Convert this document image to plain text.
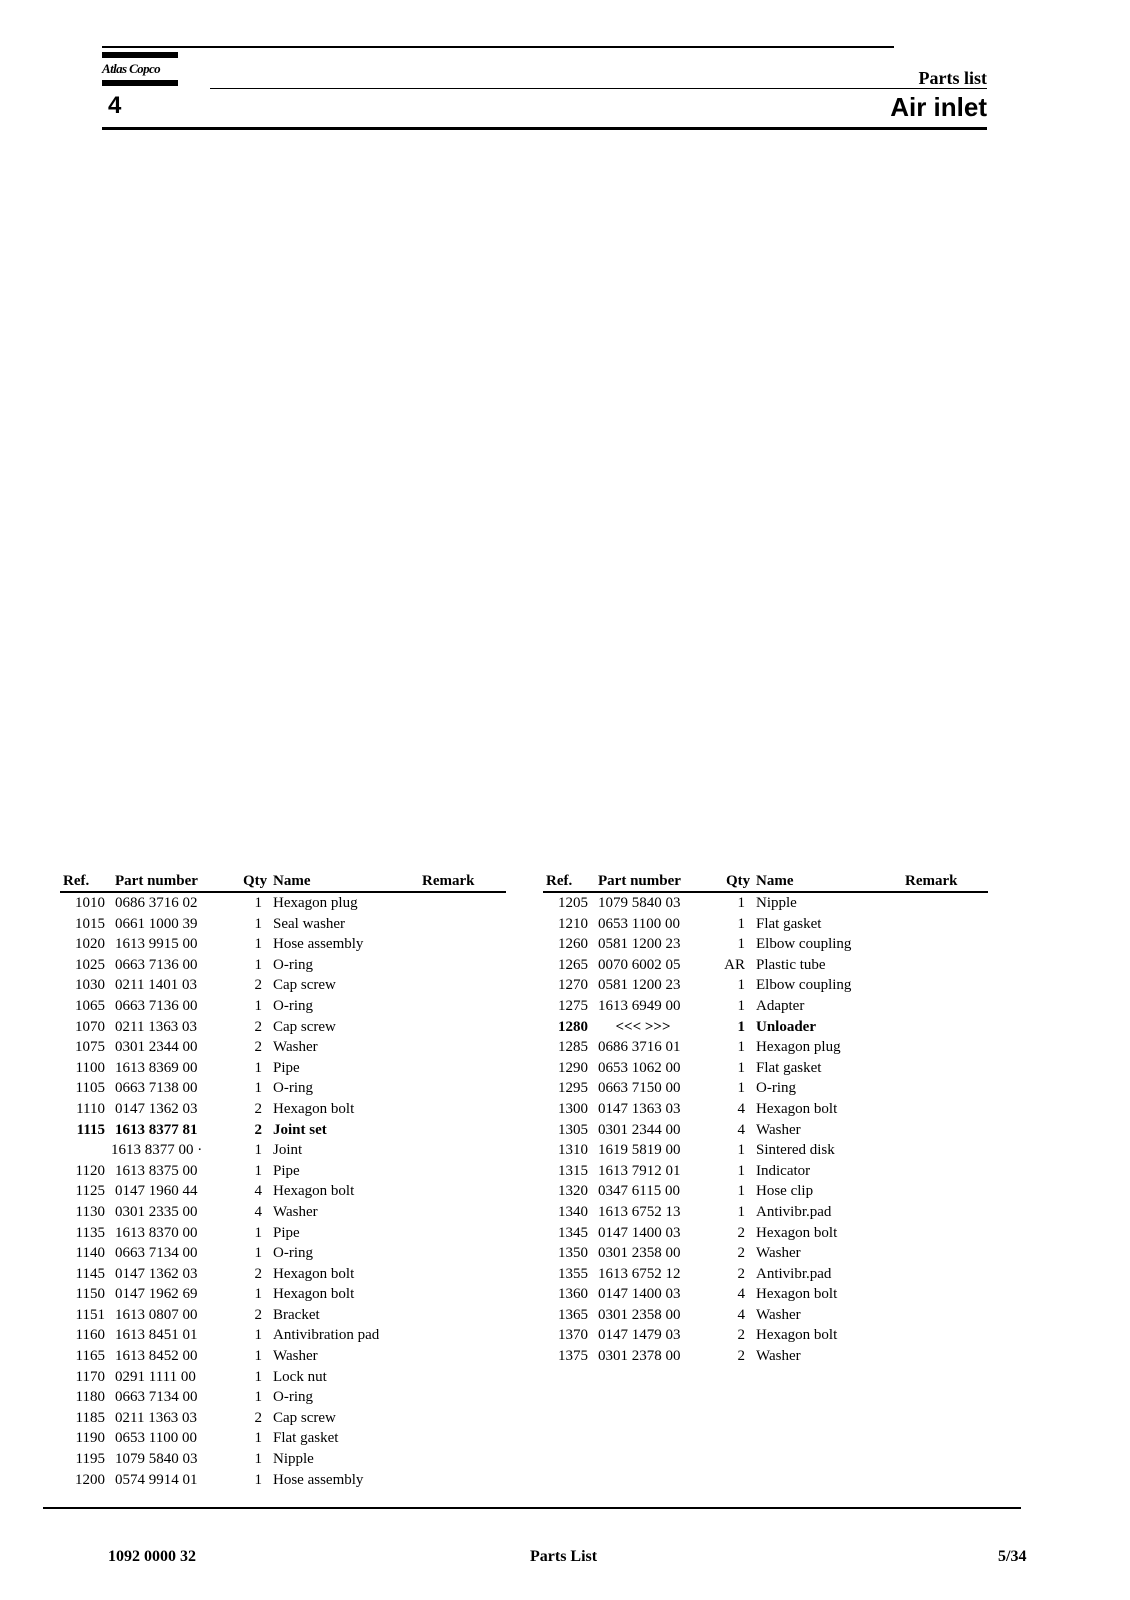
Atlas Copco
4
Parts list
Air inlet
Ref. Part number	Qty Name	Remark
1010 0686 3716 02	1 Hexagon plug
1015 0661 1000 39	1 Seal washer
1020 1613 9915 00	1 Hose assembly
1025 0663 7136 00	1 O-ring
1030 0211 1401 03	2 Cap screw
1065 0663 7136 00	1 O-ring
1070 0211 1363 03	2 Cap screw
1075 0301 2344 00	2 Washer
1100 1613 8369 00	1 Pipe
1105 0663 7138 00	1 O-ring
1110 0147 1362 03	2 Hexagon bolt
1115 1613 8377 81	2 Joint set
1613 8377 00 ·	1 Joint
1120 1613 8375 00	1 Pipe
1125 0147 1960 44	4 Hexagon bolt
1130 0301 2335 00	4 Washer
1135 1613 8370 00	1 Pipe
1140 0663 7134 00	1 O-ring
1145 0147 1362 03	2 Hexagon bolt
1150 0147 1962 69	1 Hexagon bolt
1151 1613 0807 00	2 Bracket
1160 1613 8451 01	1 Antivibration pad
1165 1613 8452 00	1 Washer
1170 0291 1111 00	1 Lock nut
1180 0663 7134 00	1 O-ring
1185 0211 1363 03	2 Cap screw
1190 0653 1100 00	1 Flat gasket
1195 1079 5840 03	1 Nipple
1200 0574 9914 01	1 Hose assembly
Ref. Part number	Qty Name	Remark
1205 1079 5840 03	1 Nipple
1210 0653 1100 00	1 Flat gasket
1260 0581 1200 23	1 Elbow coupling
1265 0070 6002 05	AR Plastic tube
1270 0581 1200 23	1 Elbow coupling
1275 1613 6949 00	1 Adapter
1280	<<< >>>	1 Unloader
1285 0686 3716 01	1 Hexagon plug
1290 0653 1062 00	1 Flat gasket
1295 0663 7150 00	1 O-ring
1300 0147 1363 03	4 Hexagon bolt
1305 0301 2344 00	4 Washer
1310 1619 5819 00	1 Sintered disk
1315 1613 7912 01	1 Indicator
1320 0347 6115 00	1 Hose clip
1340 1613 6752 13	1 Antivibr.pad
1345 0147 1400 03	2 Hexagon bolt
1350 0301 2358 00	2 Washer
1355 1613 6752 12	2 Antivibr.pad
1360 0147 1400 03	4 Hexagon bolt
1365 0301 2358 00	4 Washer
1370 0147 1479 03	2 Hexagon bolt
1375 0301 2378 00	2 Washer
1092 0000 32	Parts List	5/34
